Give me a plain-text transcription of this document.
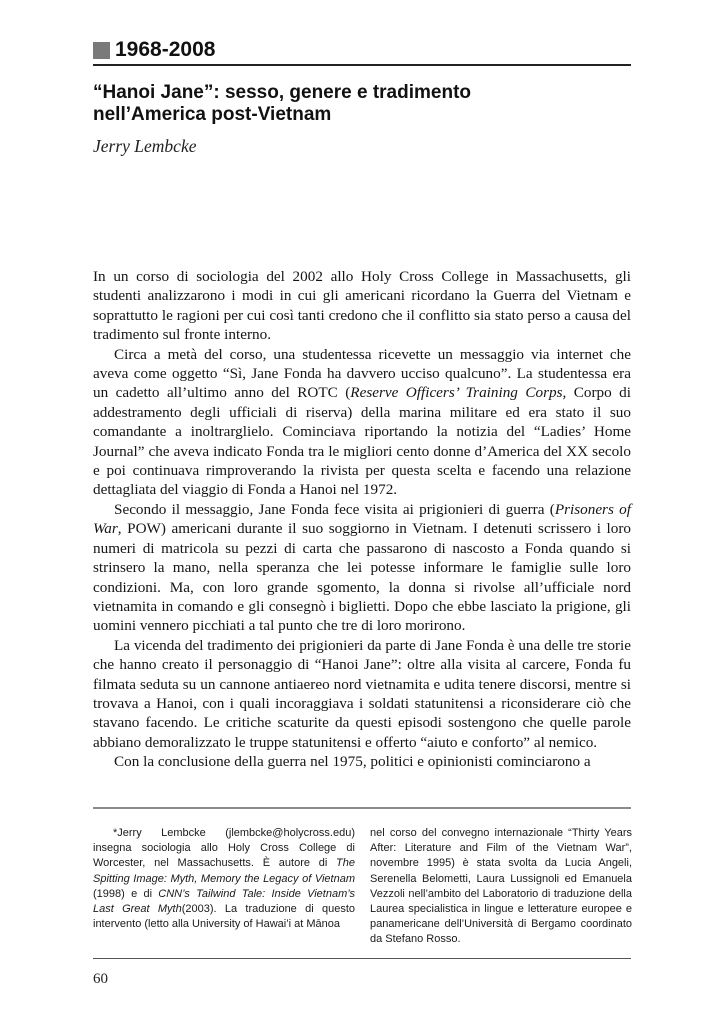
1968-2008
“Hanoi Jane”: sesso, genere e tradimento
nell’America post-Vietnam
Jerry Lembcke

In un corso di sociologia del 2002 allo Holy Cross College in Massachusetts, gli studenti analizzarono i modi in cui gli americani ricordano la Guerra del Vietnam e soprattutto le ragioni per cui così tanti credono che il conflitto sia stato perso a causa del tradimento sul fronte interno.

Circa a metà del corso, una studentessa ricevette un messaggio via internet che aveva come oggetto “Sì, Jane Fonda ha davvero ucciso qualcuno”. La studentessa era un cadetto all’ultimo anno del ROTC (Reserve Officers’ Training Corps, Corpo di addestramento degli ufficiali di riserva) della marina militare ed era stato il suo comandante a inoltrarglielo. Cominciava riportando la notizia del “Ladies’ Home Journal” che aveva indicato Fonda tra le migliori cento donne d’America del XX secolo e poi continuava rimproverando la rivista per questa scelta e facendo una relazione dettagliata del viaggio di Fonda a Hanoi nel 1972.

Secondo il messaggio, Jane Fonda fece visita ai prigionieri di guerra (Prisoners of War, POW) americani durante il suo soggiorno in Vietnam. I detenuti scrissero i loro numeri di matricola su pezzi di carta che passarono di nascosto a Fonda quando si strinsero la mano, nella speranza che lei potesse informare le famiglie sulle loro condizioni. Ma, con loro grande sgomento, la donna si rivolse all’ufficiale nord vietnamita in comando e gli consegnò i biglietti. Dopo che ebbe lasciato la prigione, gli uomini vennero picchiati a tal punto che tre di loro morirono.

La vicenda del tradimento dei prigionieri da parte di Jane Fonda è una delle tre storie che hanno creato il personaggio di “Hanoi Jane”: oltre alla visita al carcere, Fonda fu filmata seduta su un cannone antiaereo nord vietnamita e udita tenere discorsi, mentre si trovava a Hanoi, con i quali incoraggiava i soldati statunitensi a riconsiderare ciò che stavano facendo. Le critiche scaturite da questi episodi sostengono che quelle parole abbiano demoralizzato le truppe statunitensi e offerto “aiuto e conforto” al nemico.

Con la conclusione della guerra nel 1975, politici e opinionisti cominciarono a

*Jerry Lembcke (jlembcke@holycross.edu) insegna sociologia allo Holy Cross College di Worcester, nel Massachusetts. È autore di The Spitting Image: Myth, Memory the Legacy of Vietnam (1998) e di CNN’s Tailwind Tale: Inside Vietnam’s Last Great Myth(2003). La traduzione di questo intervento (letto alla University of Hawai’i at Mānoa
nel corso del convegno internazionale “Thirty Years After: Literature and Film of the Vietnam War”, novembre 1995) è stata svolta da Lucia Angeli, Serenella Belometti, Laura Lussignoli ed Emanuela Vezzoli nell’ambito del Laboratorio di traduzione della Laurea specialistica in lingue e letterature europee e panamericane dell’Università di Bergamo coordinato da Stefano Rosso.
60
